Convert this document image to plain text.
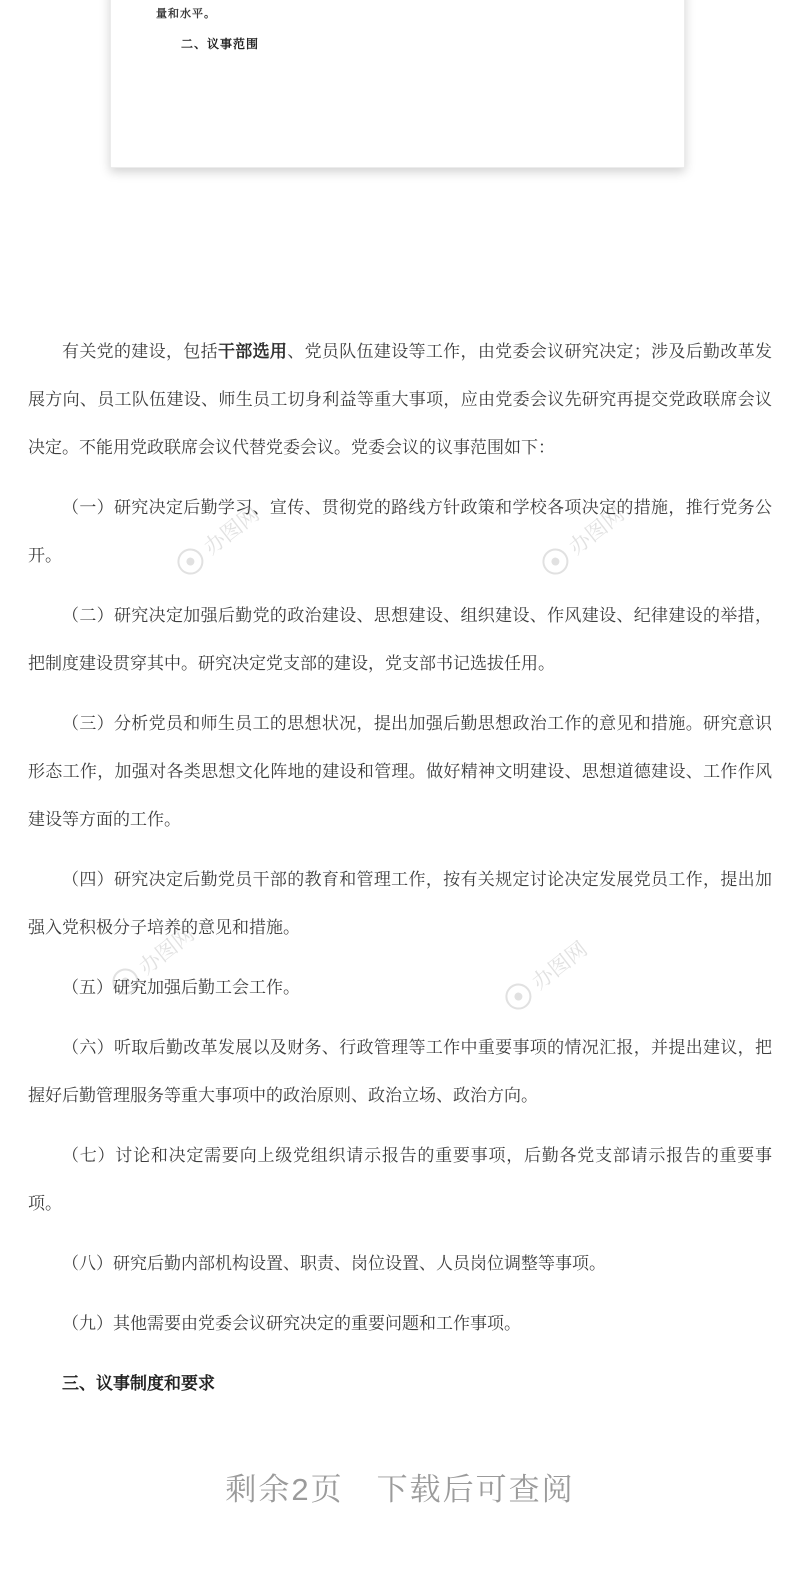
办图网	办图网
办图网	办图网

量和水平。

二、议事范围

有关党的建设，包括干部选用、党员队伍建设等工作，由党委会议研究决定；涉及后勤改革发展方向、员工队伍建设、师生员工切身利益等重大事项，应由党委会议先研究再提交党政联席会议决定。不能用党政联席会议代替党委会议。党委会议的议事范围如下：

（一）研究决定后勤学习、宣传、贯彻党的路线方针政策和学校各项决定的措施，推行党务公开。

（二）研究决定加强后勤党的政治建设、思想建设、组织建设、作风建设、纪律建设的举措，把制度建设贯穿其中。研究决定党支部的建设，党支部书记选拔任用。

（三）分析党员和师生员工的思想状况，提出加强后勤思想政治工作的意见和措施。研究意识形态工作，加强对各类思想文化阵地的建设和管理。做好精神文明建设、思想道德建设、工作作风建设等方面的工作。

（四）研究决定后勤党员干部的教育和管理工作，按有关规定讨论决定发展党员工作，提出加强入党积极分子培养的意见和措施。

（五）研究加强后勤工会工作。

（六）听取后勤改革发展以及财务、行政管理等工作中重要事项的情况汇报，并提出建议，把握好后勤管理服务等重大事项中的政治原则、政治立场、政治方向。

（七）讨论和决定需要向上级党组织请示报告的重要事项，后勤各党支部请示报告的重要事项。

（八）研究后勤内部机构设置、职责、岗位设置、人员岗位调整等事项。

（九）其他需要由党委会议研究决定的重要问题和工作事项。

三、议事制度和要求

剩余2页　下载后可查阅
